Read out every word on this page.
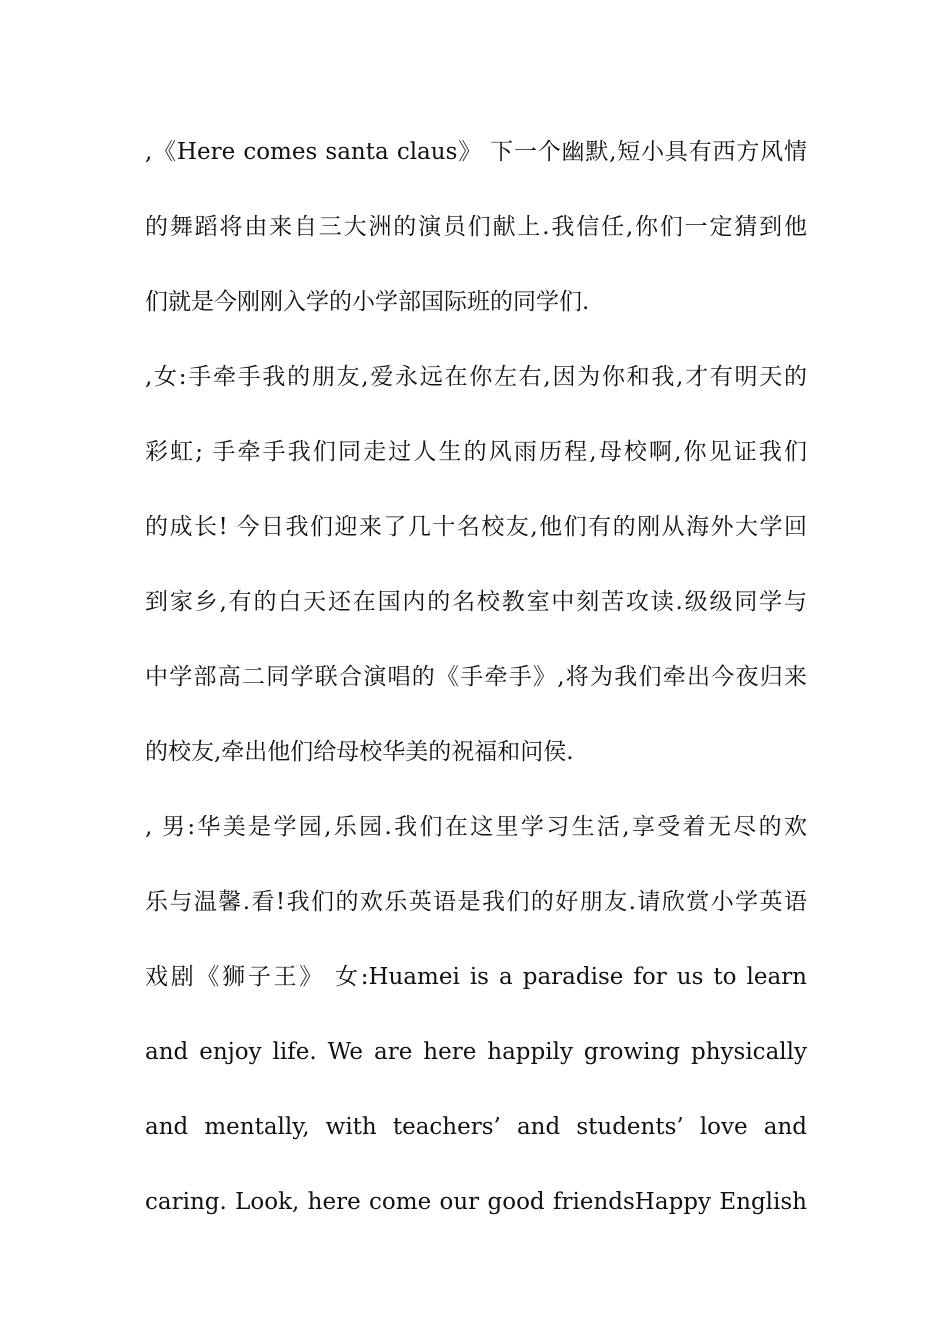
,《Here comes santa claus》 下一个幽默,短小具有西方风情
的舞蹈将由来自三大洲的演员们献上.我信任,你们一定猜到他
们就是今刚刚入学的小学部国际班的同学们.
,女:手牵手我的朋友,爱永远在你左右,因为你和我,才有明天的
彩虹; 手牵手我们同走过人生的风雨历程,母校啊,你见证我们
的成长! 今日我们迎来了几十名校友,他们有的刚从海外大学回
到家乡,有的白天还在国内的名校教室中刻苦攻读.级级同学与
中学部高二同学联合演唱的《手牵手》,将为我们牵出今夜归来
的校友,牵出他们给母校华美的祝福和问侯.
, 男:华美是学园,乐园.我们在这里学习生活,享受着无尽的欢
乐与温馨.看!我们的欢乐英语是我们的好朋友.请欣赏小学英语
戏剧《狮子王》 女:Huamei is a paradise for us to learn
and enjoy life. We are here happily growing physically
and mentally, with teachers’ and students’ love and
caring. Look, here come our good friendsHappy English
